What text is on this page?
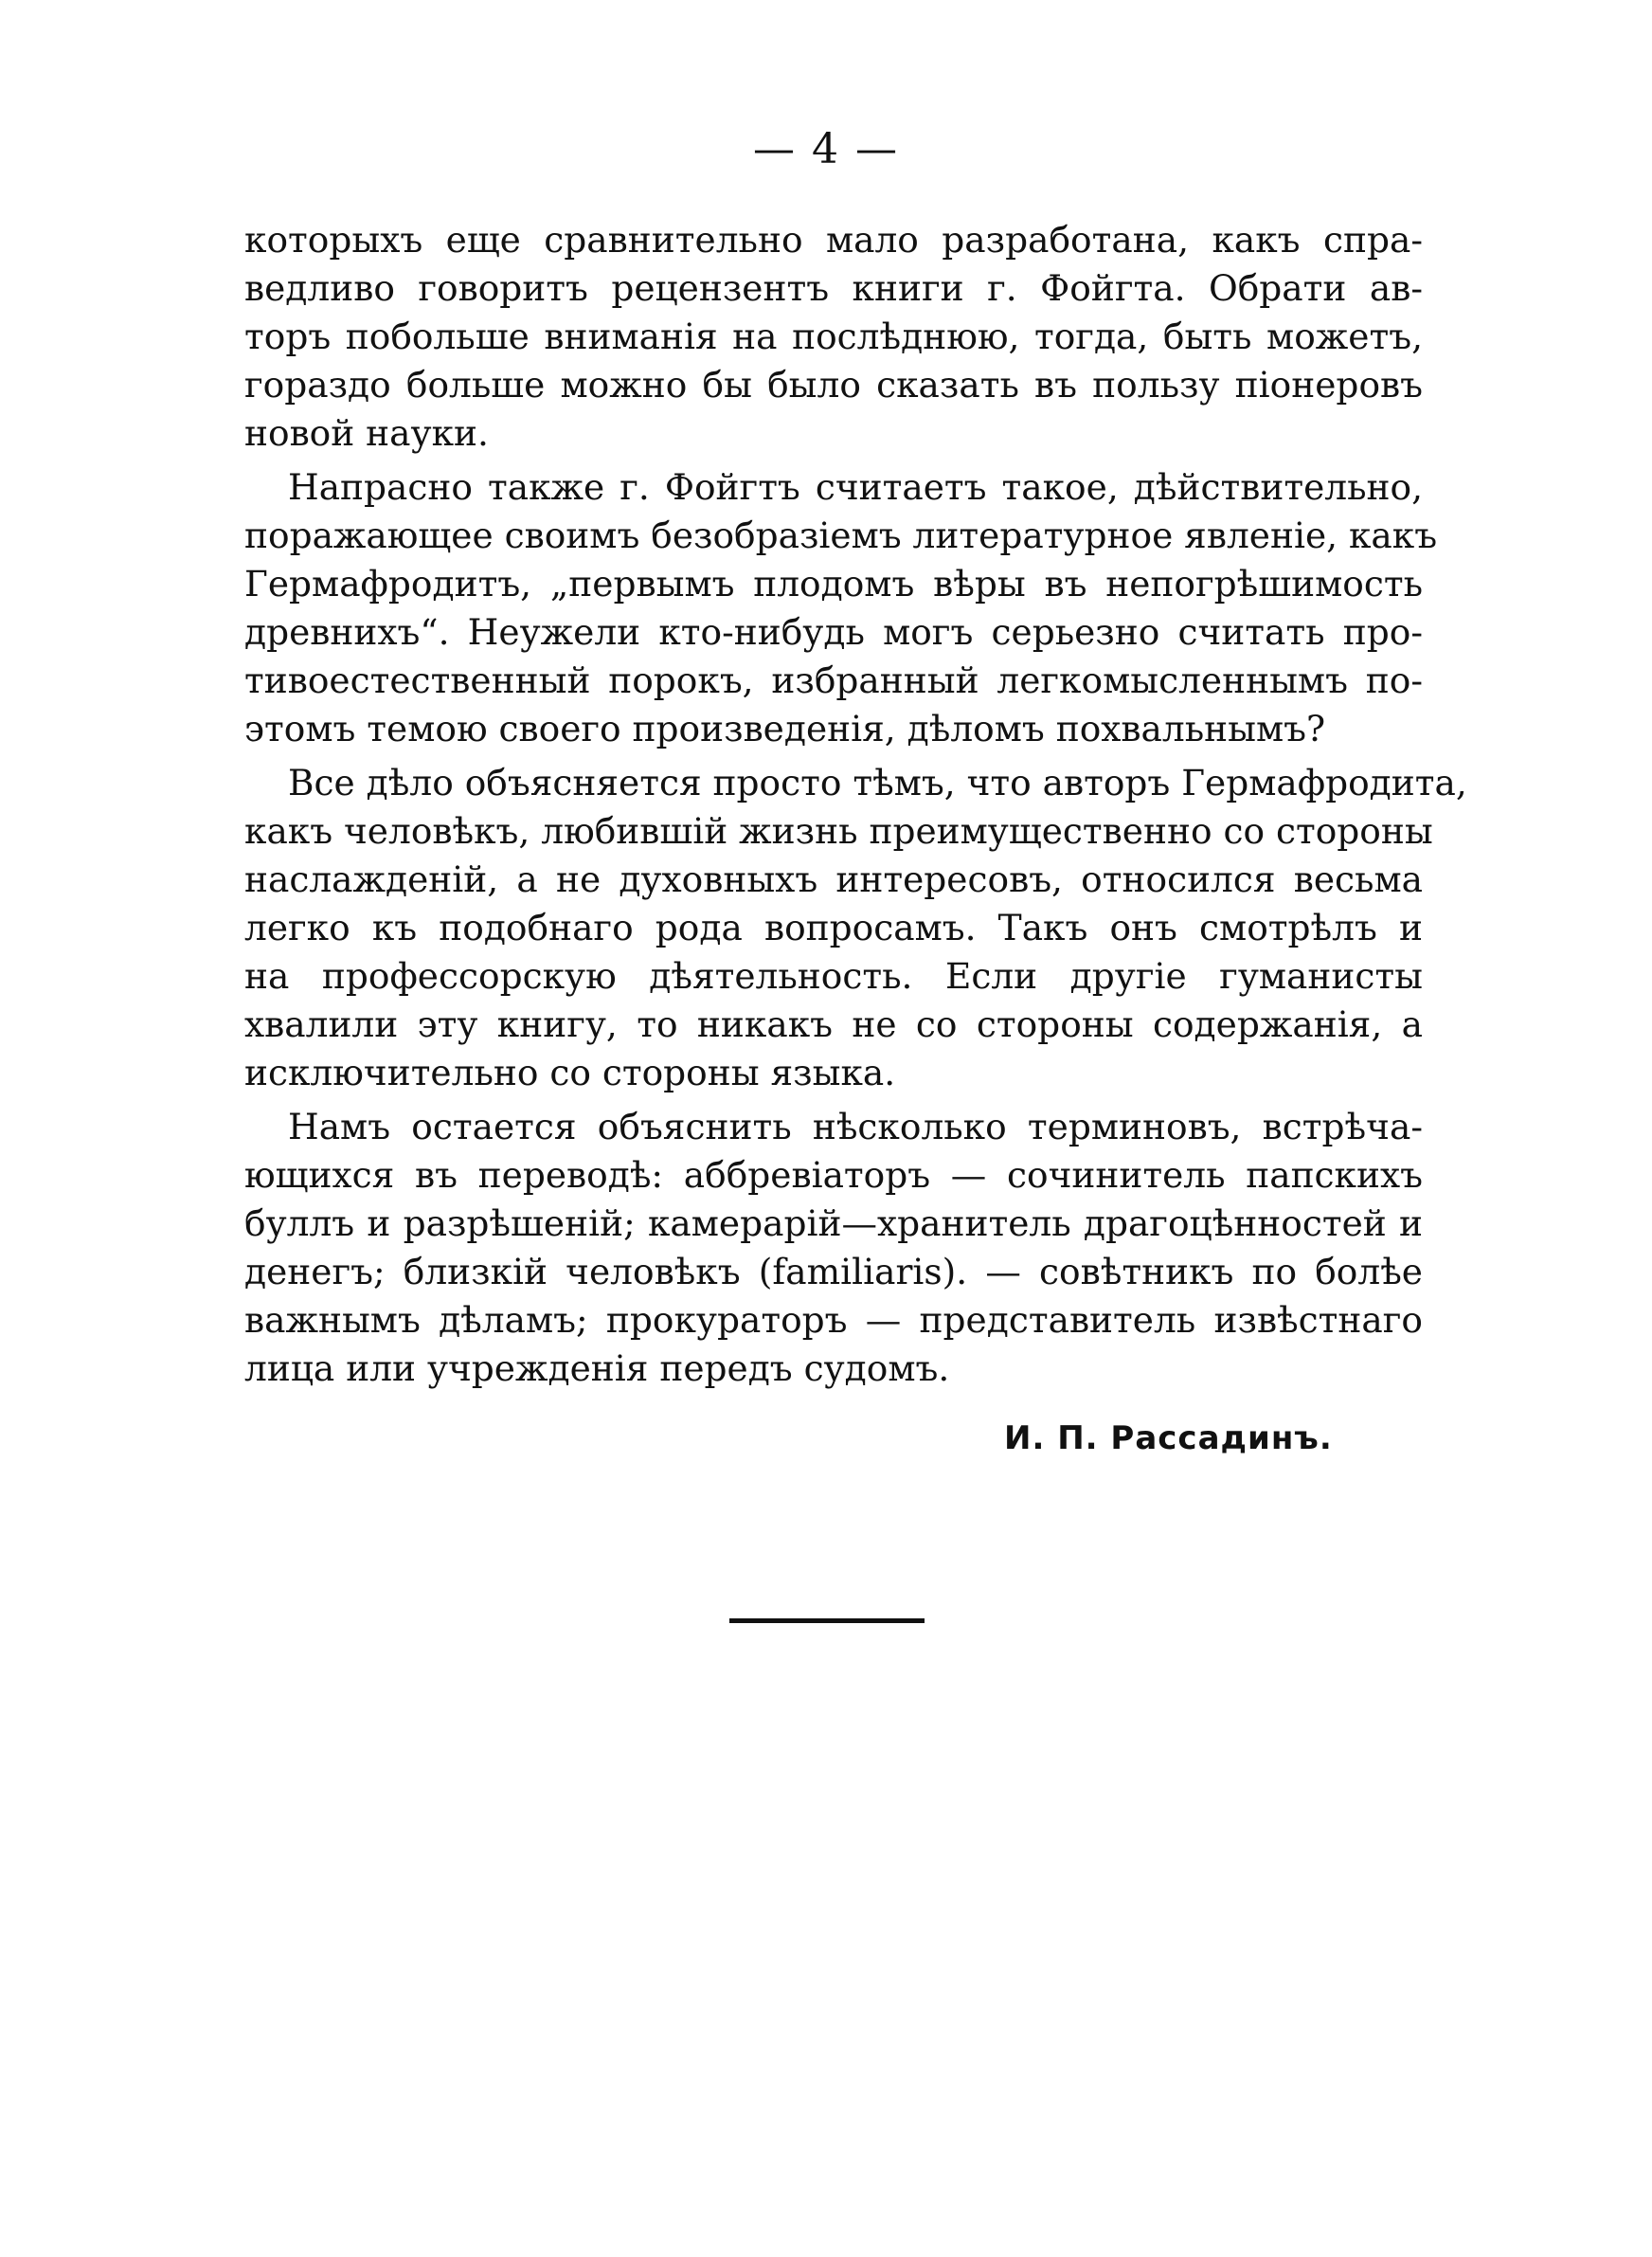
— 4 —

которыхъ еще сравнительно мало разработана, какъ спра-
ведливо говоритъ рецензентъ книги г. Фойгта. Обрати ав-
торъ побольше вниманія на послѣднюю, тогда, быть можетъ,
гораздо больше можно бы было сказать въ пользу піонеровъ
новой науки.

Напрасно также г. Фойгтъ считаетъ такое, дѣйствительно,
поражающее своимъ безобразіемъ литературное явленіе, какъ
Гермафродитъ, „первымъ плодомъ вѣры въ непогрѣшимость
древнихъ“. Неужели кто-нибудь могъ серьезно считать про-
тивоестественный порокъ, избранный легкомысленнымъ по-
этомъ темою своего произведенія, дѣломъ похвальнымъ?

Все дѣло объясняется просто тѣмъ, что авторъ Гермафродита,
какъ человѣкъ, любившій жизнь преимущественно со стороны
наслажденій, а не духовныхъ интересовъ, относился весьма
легко къ подобнаго рода вопросамъ. Такъ онъ смотрѣлъ и
на профессорскую дѣятельность. Если другіе гуманисты
хвалили эту книгу, то никакъ не со стороны содержанія, а
исключительно со стороны языка.

Намъ остается объяснить нѣсколько терминовъ, встрѣча-
ющихся въ переводѣ: аббревіаторъ — сочинитель папскихъ
буллъ и разрѣшеній; камерарій—хранитель драгоцѣнностей и
денегъ; близкій человѣкъ (familiaris). — совѣтникъ по болѣе
важнымъ дѣламъ; прокураторъ — представитель извѣстнаго
лица или учрежденія передъ судомъ.

И. П. Рассадинъ.
